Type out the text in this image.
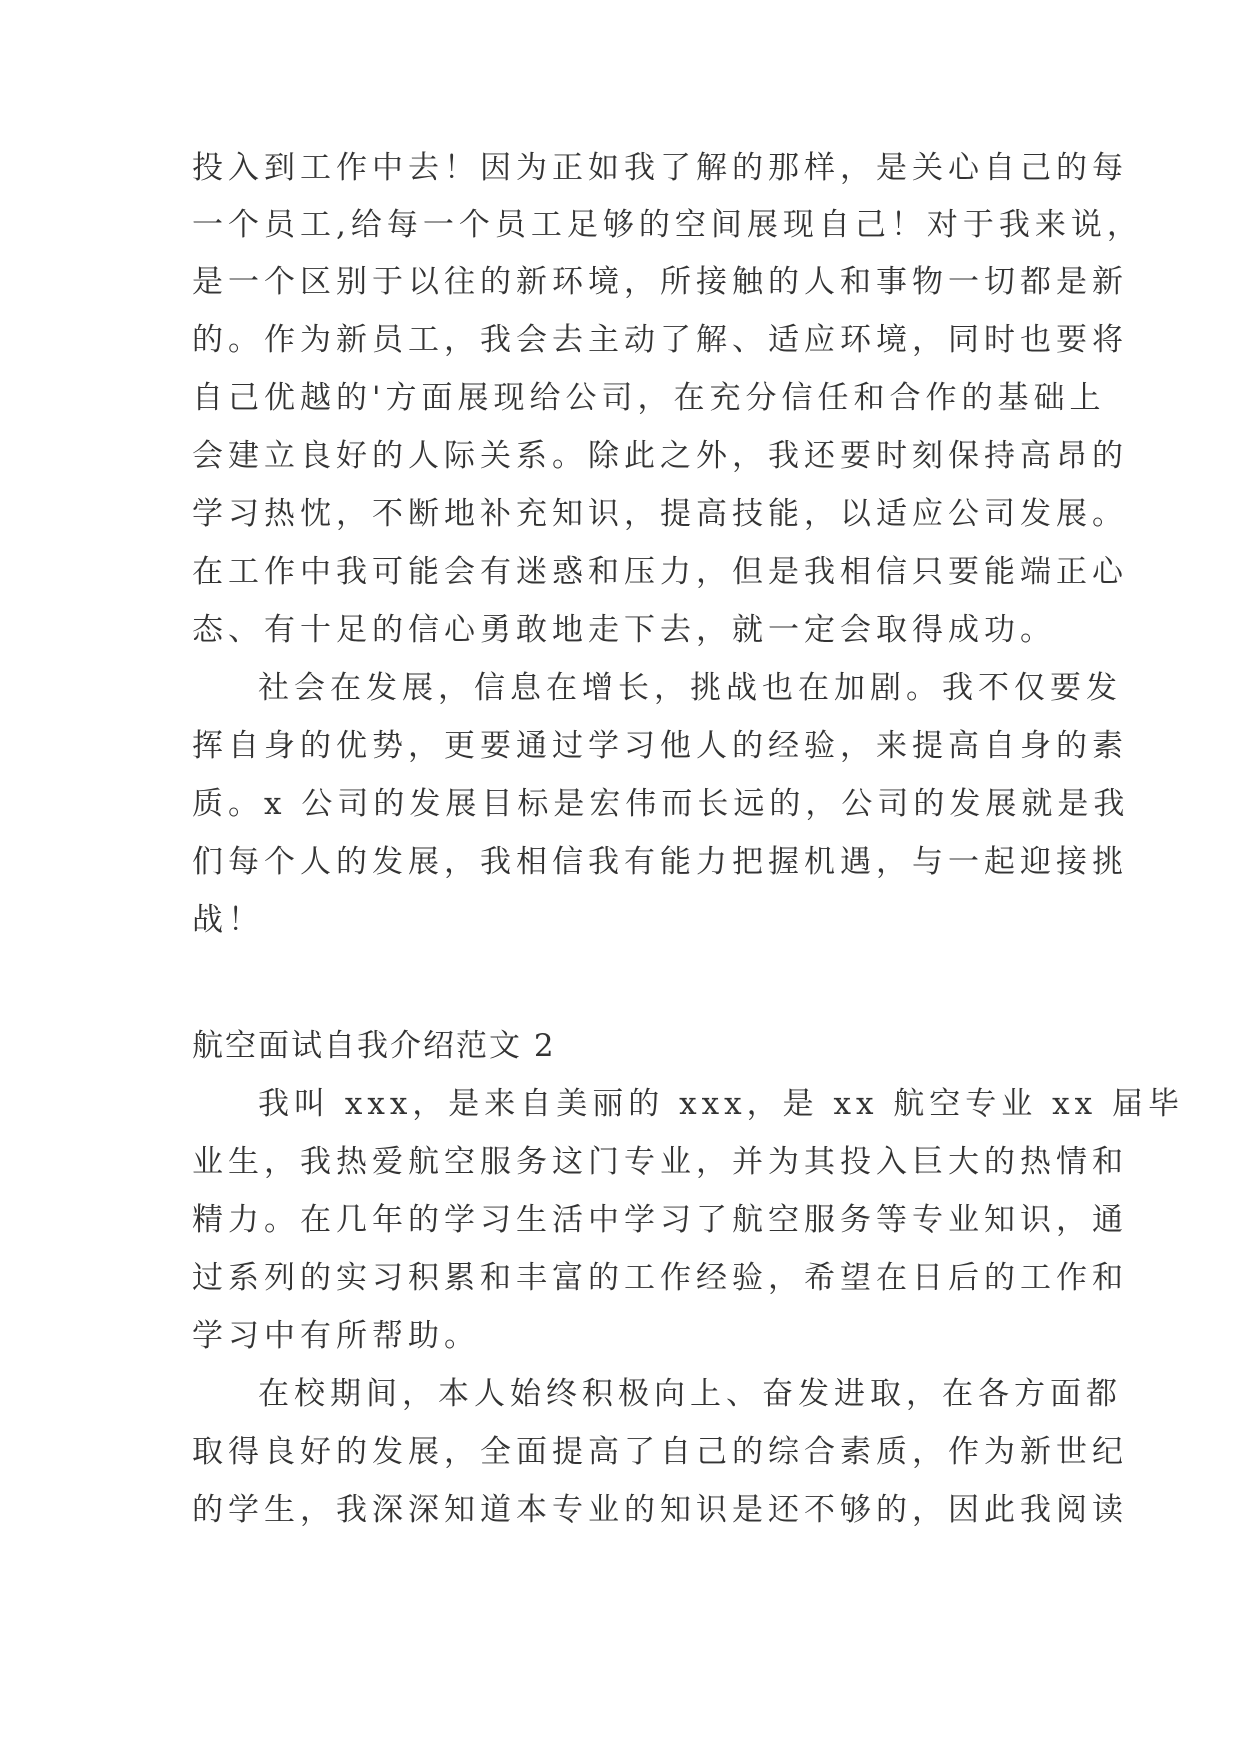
投入到工作中去！因为正如我了解的那样，是关心自己的每
一个员工,给每一个员工足够的空间展现自己！对于我来说，
是一个区别于以往的新环境，所接触的人和事物一切都是新
的。作为新员工，我会去主动了解、适应环境，同时也要将
自己优越的'方面展现给公司，在充分信任和合作的基础上
会建立良好的人际关系。除此之外，我还要时刻保持高昂的
学习热忱，不断地补充知识，提高技能，以适应公司发展。
在工作中我可能会有迷惑和压力，但是我相信只要能端正心
态、有十足的信心勇敢地走下去，就一定会取得成功。
社会在发展，信息在增长，挑战也在加剧。我不仅要发
挥自身的优势，更要通过学习他人的经验，来提高自身的素
质。x 公司的发展目标是宏伟而长远的，公司的发展就是我
们每个人的发展，我相信我有能力把握机遇，与一起迎接挑
战！
航空面试自我介绍范文 2
我叫 xxx，是来自美丽的 xxx，是 xx 航空专业 xx 届毕
业生，我热爱航空服务这门专业，并为其投入巨大的热情和
精力。在几年的学习生活中学习了航空服务等专业知识，通
过系列的实习积累和丰富的工作经验，希望在日后的工作和
学习中有所帮助。
在校期间，本人始终积极向上、奋发进取，在各方面都
取得良好的发展，全面提高了自己的综合素质，作为新世纪
的学生，我深深知道本专业的知识是还不够的，因此我阅读
